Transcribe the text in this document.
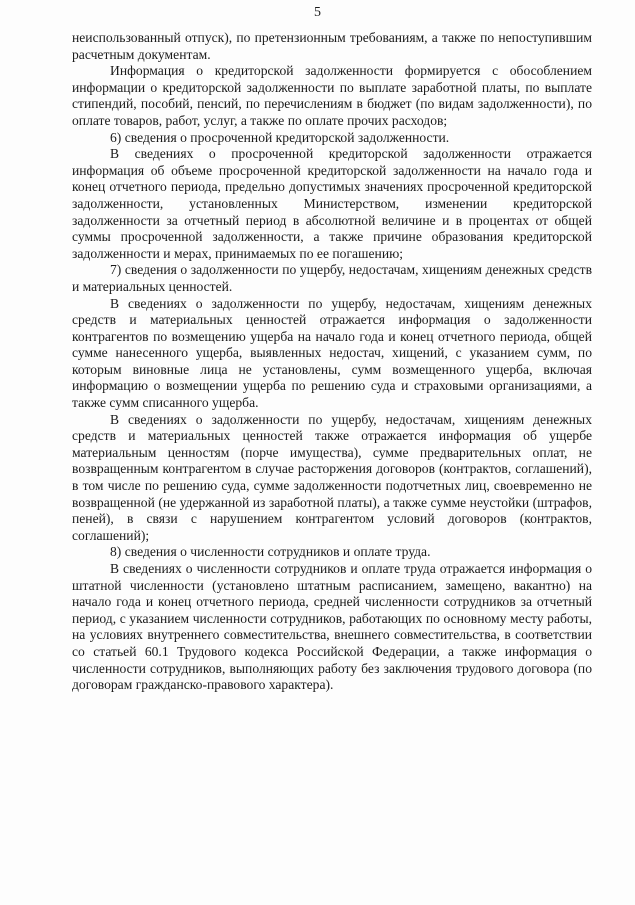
5

неиспользованный отпуск), по претензионным требованиям, а также по непоступившим расчетным документам.

Информация о кредиторской задолженности формируется с обособлением информации о кредиторской задолженности по выплате заработной платы, по выплате стипендий, пособий, пенсий, по перечислениям в бюджет (по видам задолженности), по оплате товаров, работ, услуг, а также по оплате прочих расходов;

6) сведения о просроченной кредиторской задолженности.

В сведениях о просроченной кредиторской задолженности отражается информация об объеме просроченной кредиторской задолженности на начало года и конец отчетного периода, предельно допустимых значениях просроченной кредиторской задолженности, установленных Министерством, изменении кредиторской задолженности за отчетный период в абсолютной величине и в процентах от общей суммы просроченной задолженности, а также причине образования кредиторской задолженности и мерах, принимаемых по ее погашению;

7) сведения о задолженности по ущербу, недостачам, хищениям денежных средств и материальных ценностей.

В сведениях о задолженности по ущербу, недостачам, хищениям денежных средств и материальных ценностей отражается информация о задолженности контрагентов по возмещению ущерба на начало года и конец отчетного периода, общей сумме нанесенного ущерба, выявленных недостач, хищений, с указанием сумм, по которым виновные лица не установлены, сумм возмещенного ущерба, включая информацию о возмещении ущерба по решению суда и страховыми организациями, а также сумм списанного ущерба.

В сведениях о задолженности по ущербу, недостачам, хищениям денежных средств и материальных ценностей также отражается информация об ущербе материальным ценностям (порче имущества), сумме предварительных оплат, не возвращенным контрагентом в случае расторжения договоров (контрактов, соглашений), в том числе по решению суда, сумме задолженности подотчетных лиц, своевременно не возвращенной (не удержанной из заработной платы), а также сумме неустойки (штрафов, пеней), в связи с нарушением контрагентом условий договоров (контрактов, соглашений);

8) сведения о численности сотрудников и оплате труда.

В сведениях о численности сотрудников и оплате труда отражается информация о штатной численности (установлено штатным расписанием, замещено, вакантно) на начало года и конец отчетного периода, средней численности сотрудников за отчетный период, с указанием численности сотрудников, работающих по основному месту работы, на условиях внутреннего совместительства, внешнего совместительства, в соответствии со статьей 60.1 Трудового кодекса Российской Федерации, а также информация о численности сотрудников, выполняющих работу без заключения трудового договора (по договорам гражданско-правового характера).
